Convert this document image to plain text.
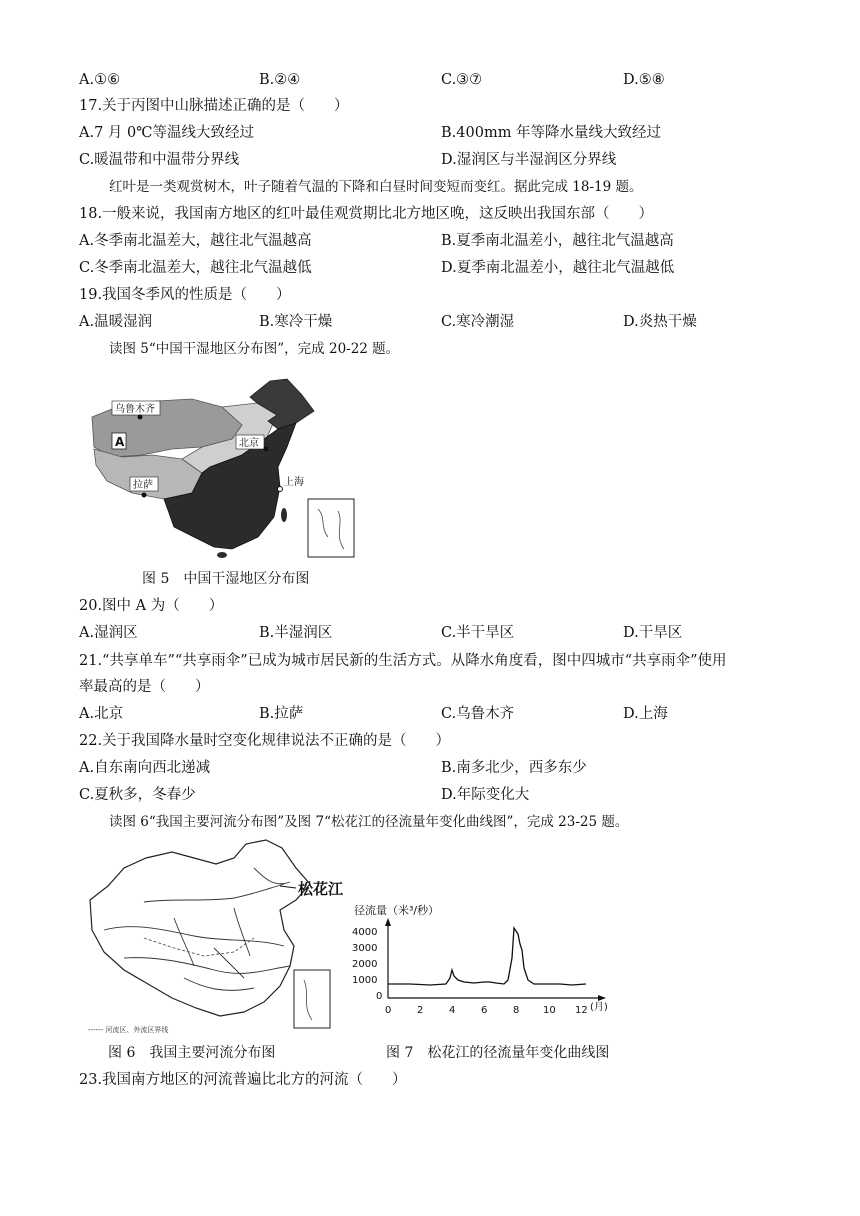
A.①⑥	B.②④	C.③⑦	D.⑤⑧
17.关于丙图中山脉描述正确的是（　　）
A.7 月 0℃等温线大致经过	B.400mm 年等降水量线大致经过
C.暖温带和中温带分界线	D.湿润区与半湿润区分界线
红叶是一类观赏树木，叶子随着气温的下降和白昼时间变短而变红。据此完成 18-19 题。
18.一般来说，我国南方地区的红叶最佳观赏期比北方地区晚，这反映出我国东部（　　）
A.冬季南北温差大，越往北气温越高	B.夏季南北温差小，越往北气温越高
C.冬季南北温差大，越往北气温越低	D.夏季南北温差小，越往北气温越低
19.我国冬季风的性质是（　　）
A.温暖湿润	B.寒冷干燥	C.寒冷潮湿	D.炎热干燥
读图 5“中国干湿地区分布图”，完成 20-22 题。
乌鲁木齐
A	北京
拉萨	上海
图 5　中国干湿地区分布图
20.图中 A 为（　　）
A.湿润区	B.半湿润区	C.半干旱区	D.干旱区
21.“共享单车”“共享雨伞”已成为城市居民新的生活方式。从降水角度看，图中四城市“共享雨伞”使用
率最高的是（　　）
A.北京	B.拉萨	C.乌鲁木齐	D.上海
22.关于我国降水量时空变化规律说法不正确的是（　　）
A.自东南向西北递减	B.南多北少，西多东少
C.夏秋多，冬春少	D.年际变化大
读图 6“我国主要河流分布图”及图 7“松花江的径流量年变化曲线图”，完成 23-25 题。
松花江
------ 河流区、外流区界线
径流量（米³/秒）
4000
3000
2000
1000
0
0	2	4	6	8 10 12 (月)
图 6　我国主要河流分布图	图 7　松花江的径流量年变化曲线图
23.我国南方地区的河流普遍比北方的河流（　　）
